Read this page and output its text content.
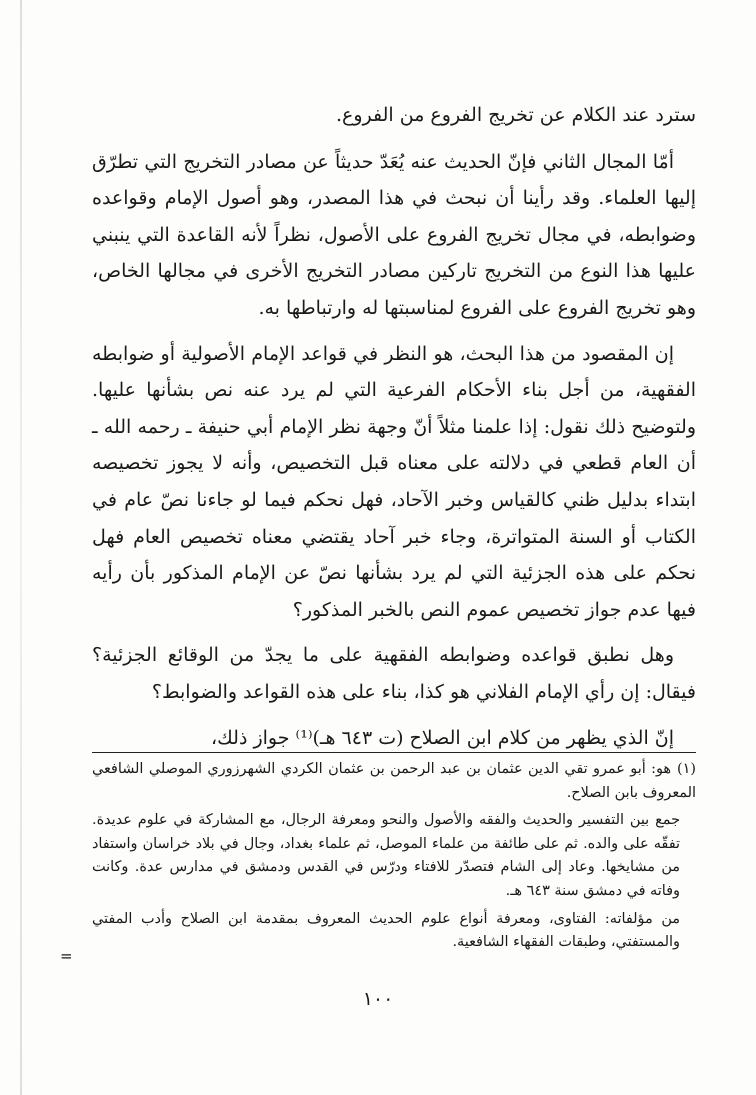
سترد عند الكلام عن تخريج الفروع من الفروع.

أمّا المجال الثاني فإنّ الحديث عنه يُعَدّ حديثاً عن مصادر التخريج التي تطرّق إليها العلماء. وقد رأينا أن نبحث في هذا المصدر، وهو أصول الإمام وقواعده وضوابطه، في مجال تخريج الفروع على الأصول، نظراً لأنه القاعدة التي ينبني عليها هذا النوع من التخريج تاركين مصادر التخريج الأخرى في مجالها الخاص، وهو تخريج الفروع على الفروع لمناسبتها له وارتباطها به.

إن المقصود من هذا البحث، هو النظر في قواعد الإمام الأصولية أو ضوابطه الفقهية، من أجل بناء الأحكام الفرعية التي لم يرد عنه نص بشأنها عليها. ولتوضيح ذلك نقول: إذا علمنا مثلاً أنّ وجهة نظر الإمام أبي حنيفة ـ رحمه الله ـ أن العام قطعي في دلالته على معناه قبل التخصيص، وأنه لا يجوز تخصيصه ابتداء بدليل ظني كالقياس وخبر الآحاد، فهل نحكم فيما لو جاءنا نصّ عام في الكتاب أو السنة المتواترة، وجاء خبر آحاد يقتضي معناه تخصيص العام فهل نحكم على هذه الجزئية التي لم يرد بشأنها نصّ عن الإمام المذكور بأن رأيه فيها عدم جواز تخصيص عموم النص بالخبر المذكور؟

وهل نطبق قواعده وضوابطه الفقهية على ما يجدّ من الوقائع الجزئية؟ فيقال: إن رأي الإمام الفلاني هو كذا، بناء على هذه القواعد والضوابط؟

إنّ الذي يظهر من كلام ابن الصلاح (ت ٦٤٣ هـ)⁽¹⁾ جواز ذلك،

(١)هو: أبو عمرو تقي الدين عثمان بن عبد الرحمن بن عثمان الكردي الشهرزوري الموصلي الشافعي المعروف بابن الصلاح.

جمع بين التفسير والحديث والفقه والأصول والنحو ومعرفة الرجال، مع المشاركة في علوم عديدة. تفقّه على والده. ثم على طائفة من علماء الموصل، ثم علماء بغداد، وجال في بلاد خراسان واستفاد من مشايخها. وعاد إلى الشام فتصدّر للافتاء ودرّس في القدس ودمشق في مدارس عدة. وكانت وفاته في دمشق سنة ٦٤٣ هـ.

من مؤلفاته: الفتاوى، ومعرفة أنواع علوم الحديث المعروف بمقدمة ابن الصلاح وأدب المفتي والمستفتي، وطبقات الفقهاء الشافعية.

=
١٠٠
